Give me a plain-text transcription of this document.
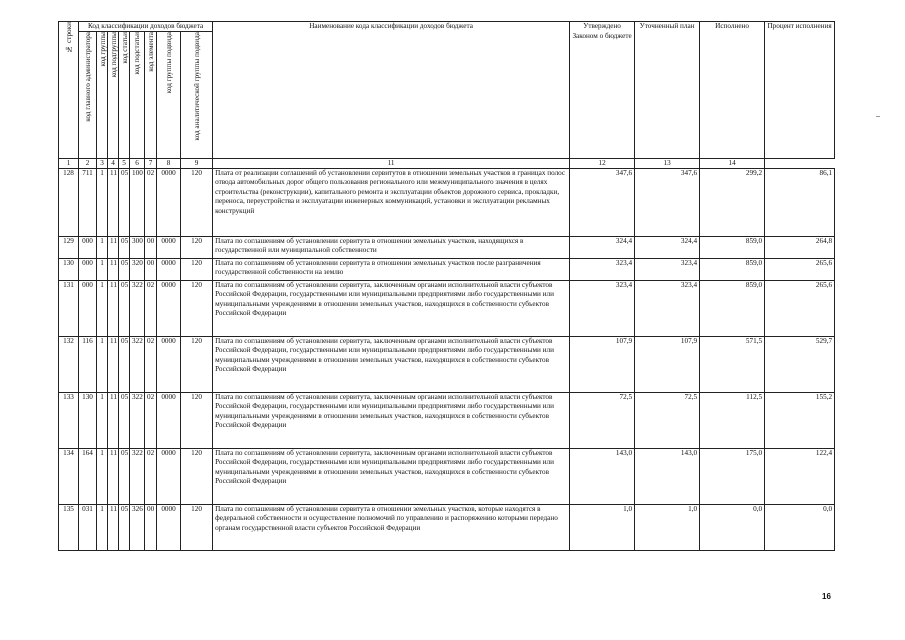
№ строки	Код классификации доходов бюджета								Наименование кода классификации доходов бюджета	Утверждено Законом о бюджете	Уточненный план	Исполнено	Процент исполнения
	код главного администратора	код группы	код подгруппы	код статьи	код подстатьи	код элемента	код группы подвида	код аналитической группы подвида					
1	2	3	4	5	6	7	8	9	11	12	13	14	
128	711	1	11	05	100	02	0000	120	Плата от реализации соглашений об установлении сервитутов в отношении земельных участков в границах полос отвода автомобильных дорог общего пользования регионального или межмуниципального значения в целях строительства (реконструкции), капитального ремонта и эксплуатации объектов дорожного сервиса, прокладки, переноса, переустройства и эксплуатации инженерных коммуникаций, установки и эксплуатации рекламных конструкций	347,6	347,6	299,2	86,1
129	000	1	11	05	300	00	0000	120	Плата по соглашениям об установлении сервитута в отношении земельных участков, находящихся в государственной или муниципальной собственности	324,4	324,4	859,0	264,8
130	000	1	11	05	320	00	0000	120	Плата по соглашениям об установлении сервитута в отношении земельных участков после разграничения государственной собственности на землю	323,4	323,4	859,0	265,6
131	000	1	11	05	322	02	0000	120	Плата по соглашениям об установлении сервитута, заключенным органами исполнительной власти субъектов Российской Федерации, государственными или муниципальными предприятиями либо государственными или муниципальными учреждениями в отношении земельных участков, находящихся в собственности субъектов Российской Федерации	323,4	323,4	859,0	265,6
132	116	1	11	05	322	02	0000	120	Плата по соглашениям об установлении сервитута, заключенным органами исполнительной власти субъектов Российской Федерации, государственными или муниципальными предприятиями либо государственными или муниципальными учреждениями в отношении земельных участков, находящихся в собственности субъектов Российской Федерации	107,9	107,9	571,5	529,7
133	130	1	11	05	322	02	0000	120	Плата по соглашениям об установлении сервитута, заключенным органами исполнительной власти субъектов Российской Федерации, государственными или муниципальными предприятиями либо государственными или муниципальными учреждениями в отношении земельных участков, находящихся в собственности субъектов Российской Федерации	72,5	72,5	112,5	155,2
134	164	1	11	05	322	02	0000	120	Плата по соглашениям об установлении сервитута, заключенным органами исполнительной власти субъектов Российской Федерации, государственными или муниципальными предприятиями либо государственными или муниципальными учреждениями в отношении земельных участков, находящихся в собственности субъектов Российской Федерации	143,0	143,0	175,0	122,4
135	031	1	11	05	326	00	0000	120	Плата по соглашениям об установлении сервитута в отношении земельных участков, которые находятся в федеральной собственности и осуществление полномочий по управлению и распоряжению которыми передано органам государственной власти субъектов Российской Федерации	1,0	1,0	0,0	0,0
16
